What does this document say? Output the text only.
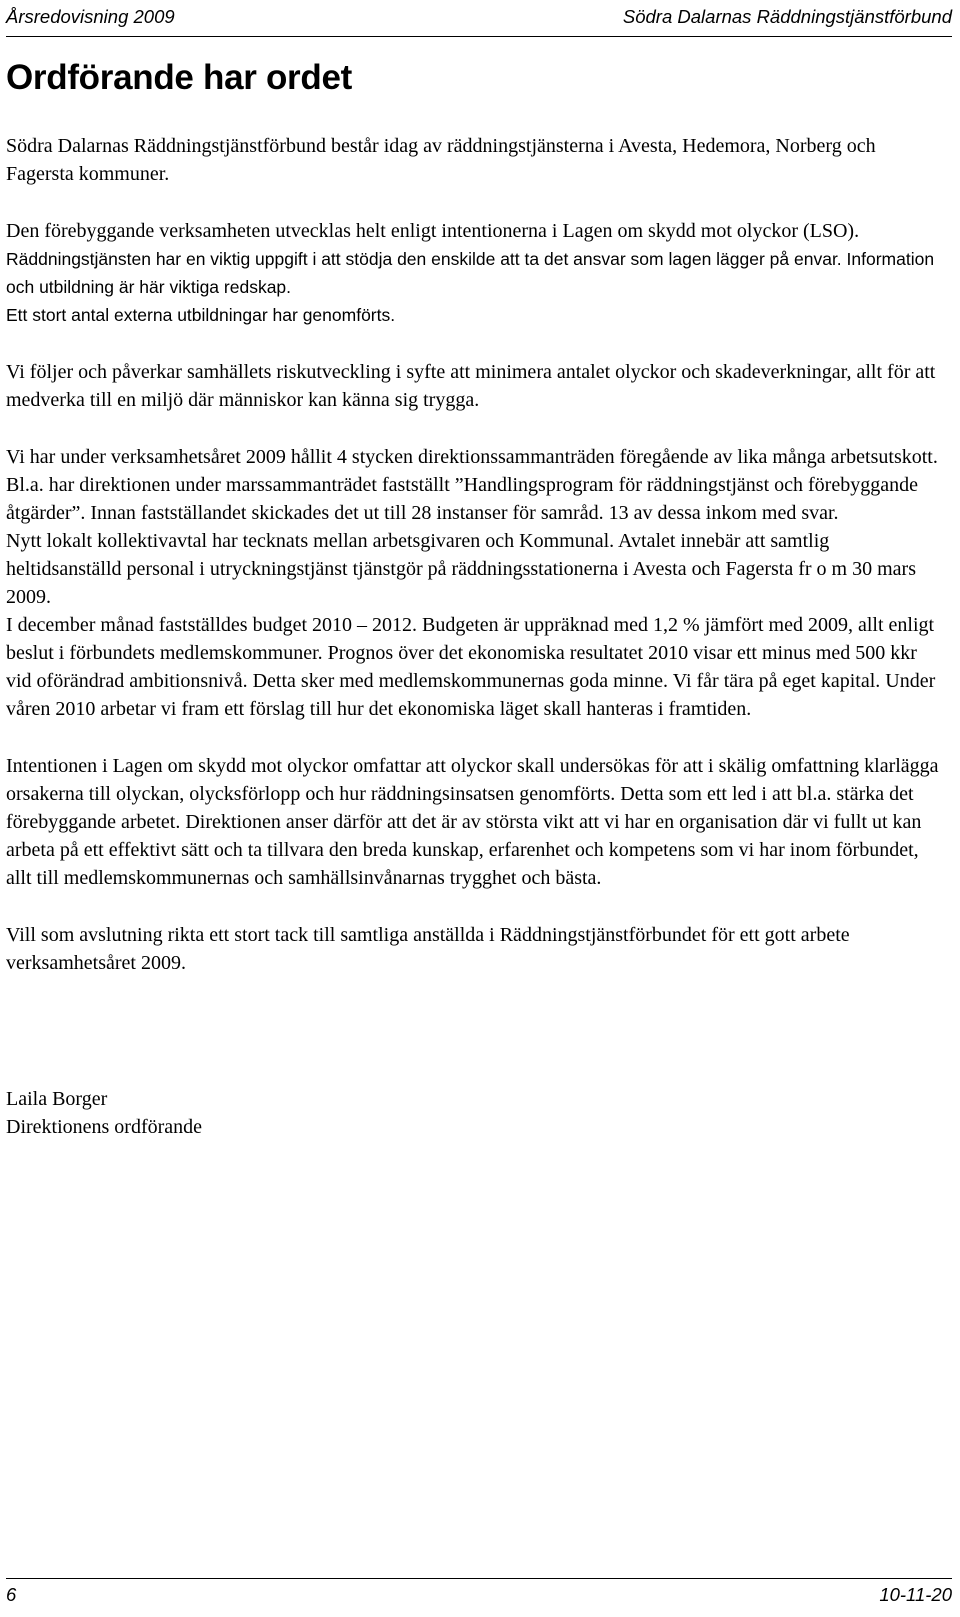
Årsredovisning 2009	Södra Dalarnas Räddningstjänstförbund
Ordförande har ordet

Södra Dalarnas Räddningstjänstförbund består idag av räddningstjänsterna i Avesta, Hedemora, Norberg och Fagersta kommuner.

Den förebyggande verksamheten utvecklas helt enligt intentionerna i Lagen om skydd mot olyckor (LSO).

Räddningstjänsten har en viktig uppgift i att stödja den enskilde att ta det ansvar som lagen lägger på envar. Information och utbildning är här viktiga redskap.

Ett stort antal externa utbildningar har genomförts.

Vi följer och påverkar samhällets riskutveckling i syfte att minimera antalet olyckor och skadeverkningar, allt för att medverka till en miljö där människor kan känna sig trygga.

Vi har under verksamhetsåret 2009 hållit 4 stycken direktionssammanträden föregående av lika många arbetsutskott.

Bl.a. har direktionen under marssammanträdet fastställt ”Handlingsprogram för räddningstjänst och förebyggande åtgärder”. Innan fastställandet skickades det ut till 28 instanser för samråd. 13 av dessa inkom med svar.

Nytt lokalt kollektivavtal har tecknats mellan arbetsgivaren och Kommunal. Avtalet innebär att samtlig heltidsanställd personal i utryckningstjänst tjänstgör på räddningsstationerna i Avesta och Fagersta fr o m 30 mars 2009.

I december månad fastställdes budget 2010 – 2012. Budgeten är uppräknad med 1,2 % jämfört med 2009, allt enligt beslut i förbundets medlemskommuner. Prognos över det ekonomiska resultatet 2010 visar ett minus med 500 kkr vid oförändrad ambitionsnivå. Detta sker med medlemskommunernas goda minne. Vi får tära på eget kapital. Under våren 2010 arbetar vi fram ett förslag till hur det ekonomiska läget skall hanteras i framtiden.

Intentionen i Lagen om skydd mot olyckor omfattar att olyckor skall undersökas för att i skälig omfattning klarlägga orsakerna till olyckan, olycksförlopp och hur räddningsinsatsen genomförts. Detta som ett led i att bl.a. stärka det förebyggande arbetet. Direktionen anser därför att det är av största vikt att vi har en organisation där vi fullt ut kan arbeta på ett effektivt sätt och ta tillvara den breda kunskap, erfarenhet och kompetens som vi har inom förbundet, allt till medlemskommunernas och samhällsinvånarnas trygghet och bästa.

Vill som avslutning rikta ett stort tack till samtliga anställda i Räddningstjänstförbundet för ett gott arbete verksamhetsåret 2009.

Laila Borger

Direktionens ordförande

6	10-11-20
